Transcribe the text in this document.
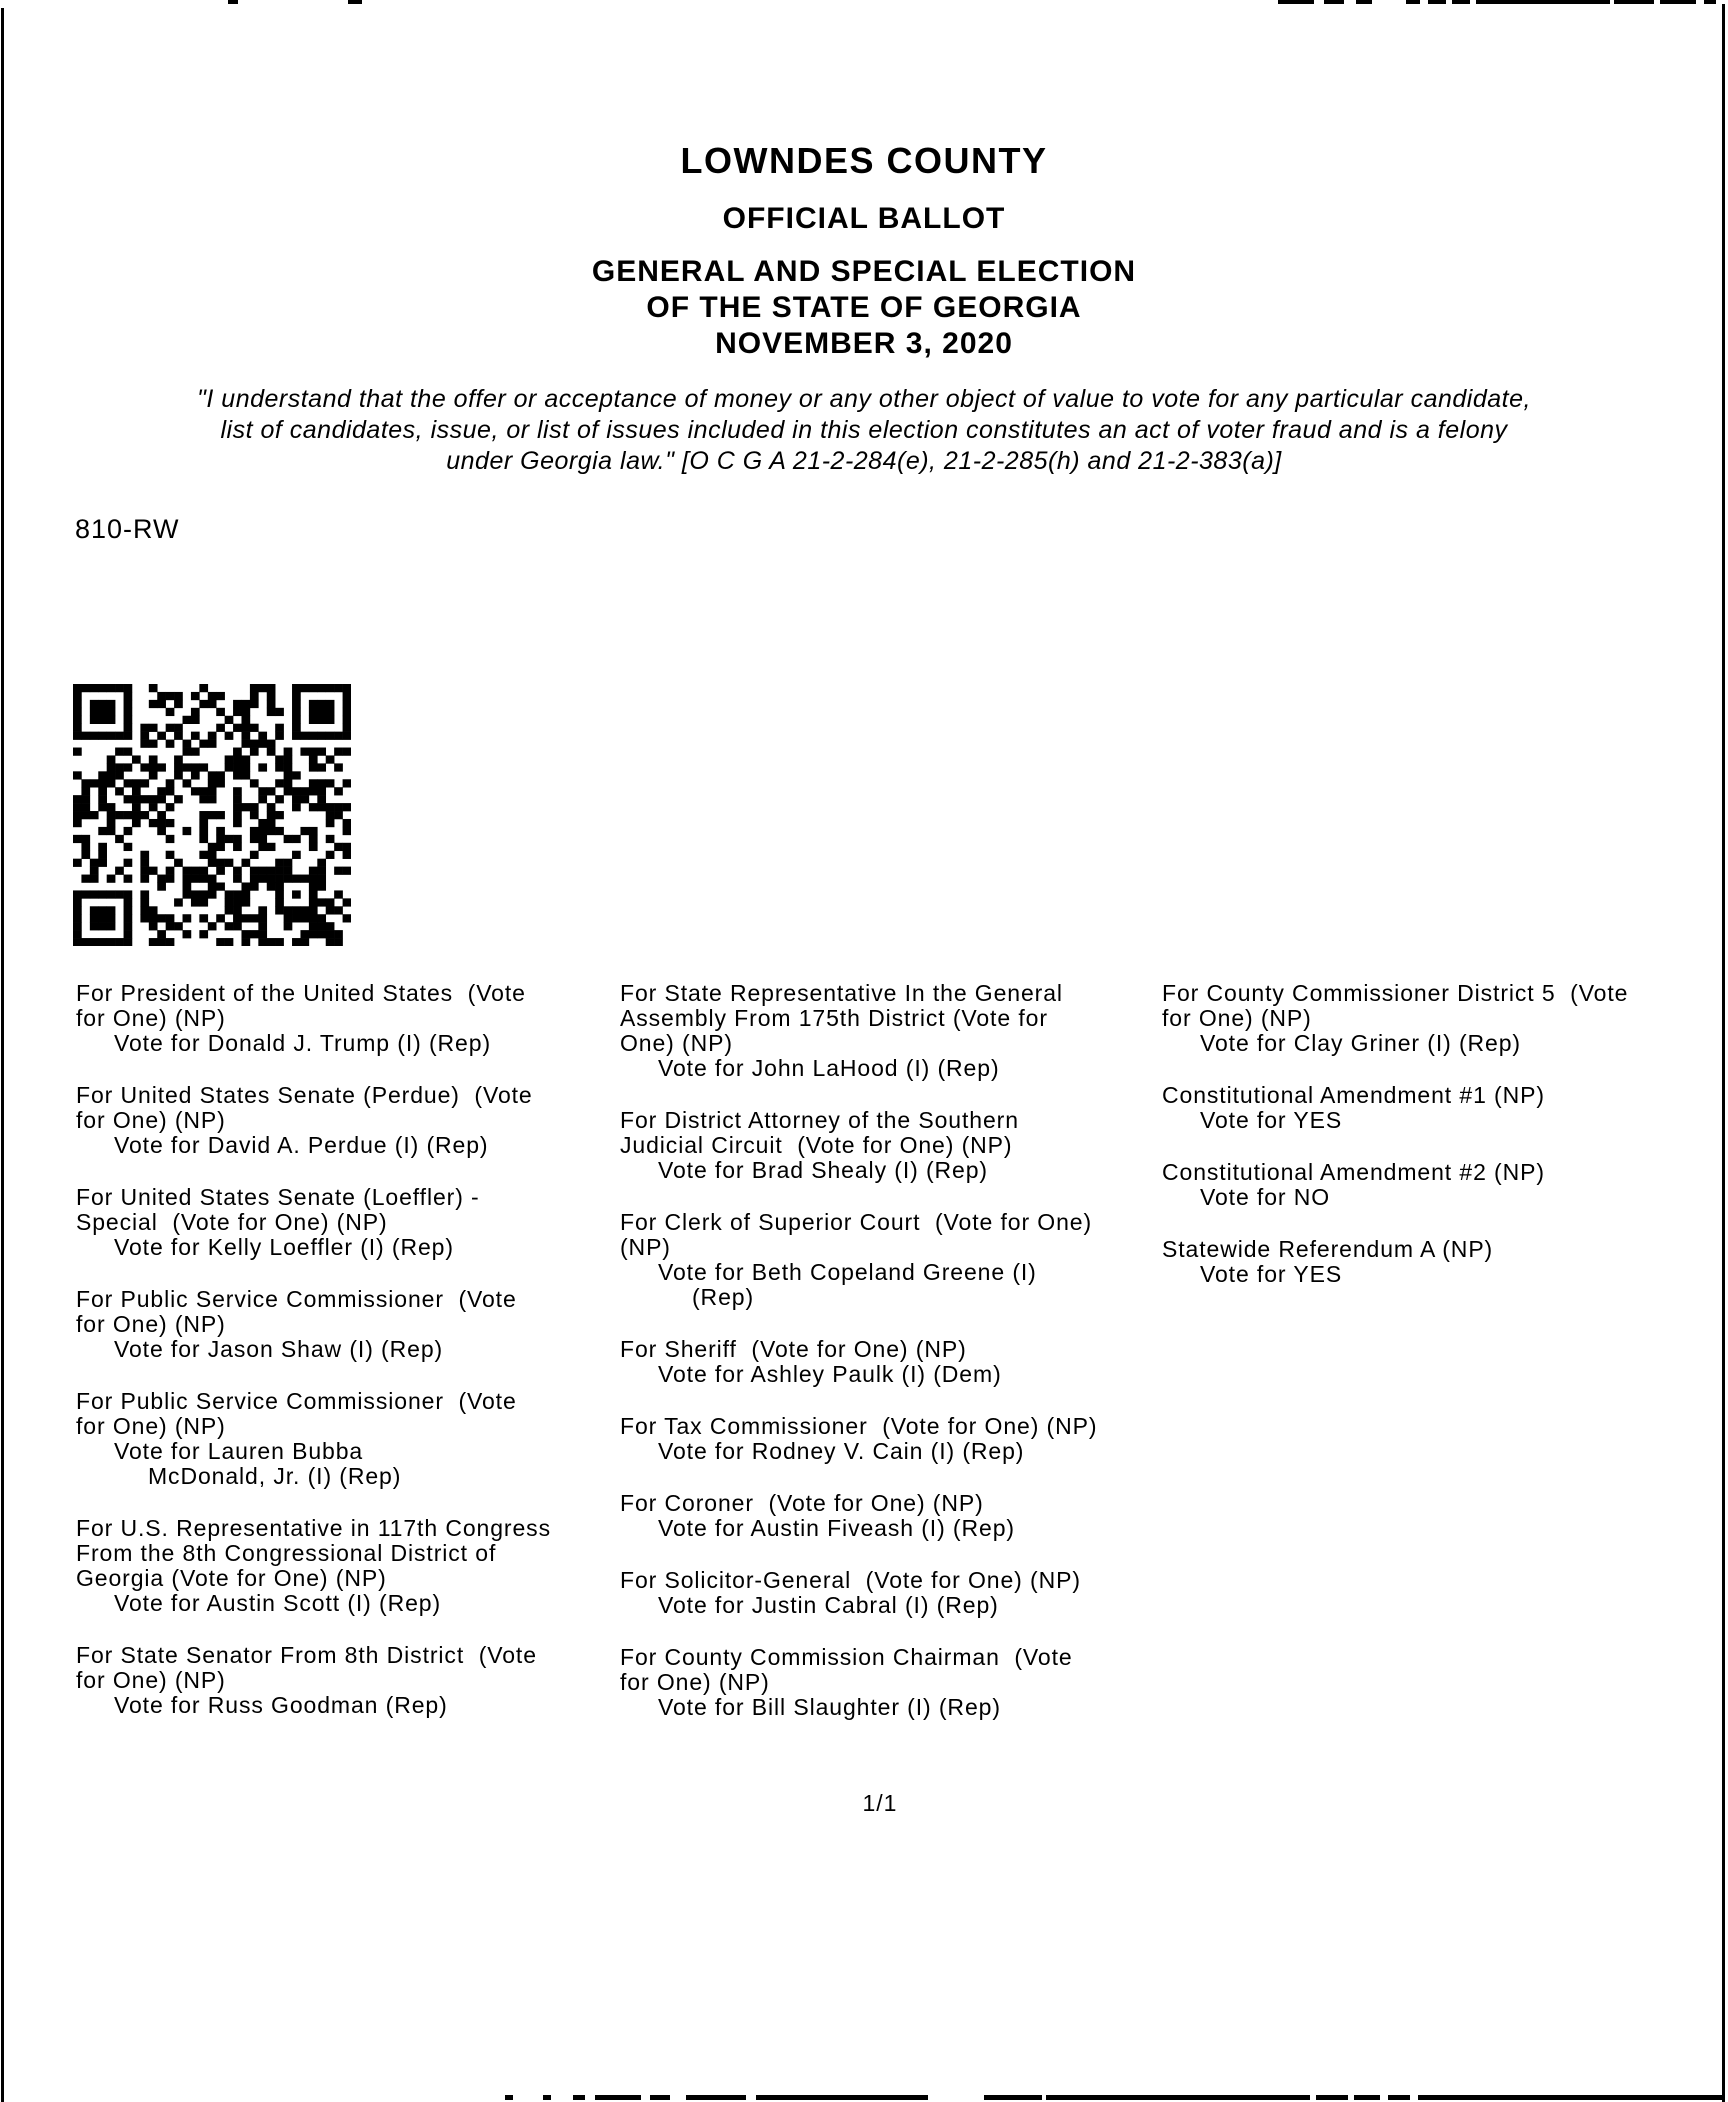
LOWNDES COUNTY
OFFICIAL BALLOT
GENERAL AND SPECIAL ELECTION
OF THE STATE OF GEORGIA
NOVEMBER 3, 2020
"I understand that the offer or acceptance of money or any other object of value to vote for any particular candidate,
list of candidates, issue, or list of issues included in this election constitutes an act of voter fraud and is a felony
under Georgia law." [O C G A 21-2-284(e), 21-2-285(h) and 21-2-383(a)]
810-RW
For President of the United States  (Vote
for One) (NP)
Vote for Donald J. Trump (I) (Rep)
For United States Senate (Perdue)  (Vote
for One) (NP)
Vote for David A. Perdue (I) (Rep)
For United States Senate (Loeffler) -
Special  (Vote for One) (NP)
Vote for Kelly Loeffler (I) (Rep)
For Public Service Commissioner  (Vote
for One) (NP)
Vote for Jason Shaw (I) (Rep)
For Public Service Commissioner  (Vote
for One) (NP)
Vote for Lauren Bubba
McDonald, Jr. (I) (Rep)
For U.S. Representative in 117th Congress
From the 8th Congressional District of
Georgia (Vote for One) (NP)
Vote for Austin Scott (I) (Rep)
For State Senator From 8th District  (Vote
for One) (NP)
Vote for Russ Goodman (Rep)
For State Representative In the General
Assembly From 175th District (Vote for
One) (NP)
Vote for John LaHood (I) (Rep)
For District Attorney of the Southern
Judicial Circuit  (Vote for One) (NP)
Vote for Brad Shealy (I) (Rep)
For Clerk of Superior Court  (Vote for One)
(NP)
Vote for Beth Copeland Greene (I)
(Rep)
For Sheriff  (Vote for One) (NP)
Vote for Ashley Paulk (I) (Dem)
For Tax Commissioner  (Vote for One) (NP)
Vote for Rodney V. Cain (I) (Rep)
For Coroner  (Vote for One) (NP)
Vote for Austin Fiveash (I) (Rep)
For Solicitor-General  (Vote for One) (NP)
Vote for Justin Cabral (I) (Rep)
For County Commission Chairman  (Vote
for One) (NP)
Vote for Bill Slaughter (I) (Rep)
For County Commissioner District 5  (Vote
for One) (NP)
Vote for Clay Griner (I) (Rep)
Constitutional Amendment #1 (NP)
Vote for YES
Constitutional Amendment #2 (NP)
Vote for NO
Statewide Referendum A (NP)
Vote for YES
1/1
